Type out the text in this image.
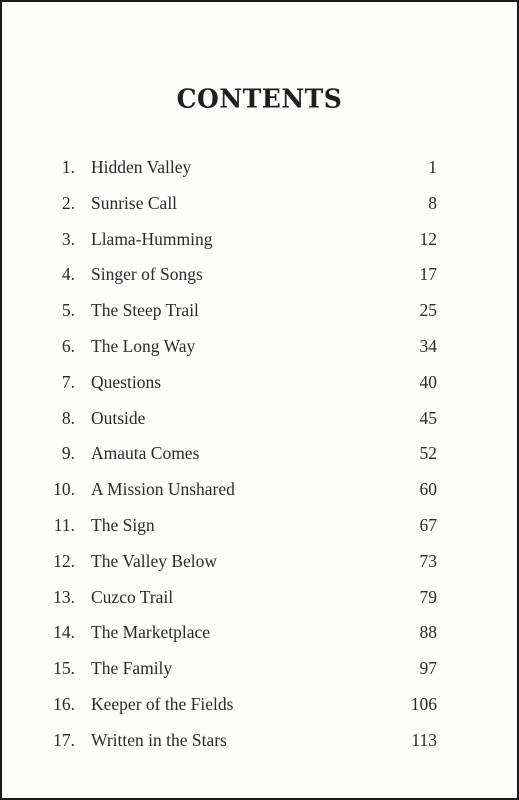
CONTENTS
1. Hidden Valley	1
2. Sunrise Call	8
3. Llama-Humming	12
4. Singer of Songs	17
5. The Steep Trail	25
6. The Long Way	34
7. Questions	40
8. Outside	45
9. Amauta Comes	52
10. A Mission Unshared	60
11. The Sign	67
12. The Valley Below	73
13. Cuzco Trail	79
14. The Marketplace	88
15. The Family	97
16. Keeper of the Fields	106
17. Written in the Stars	113
